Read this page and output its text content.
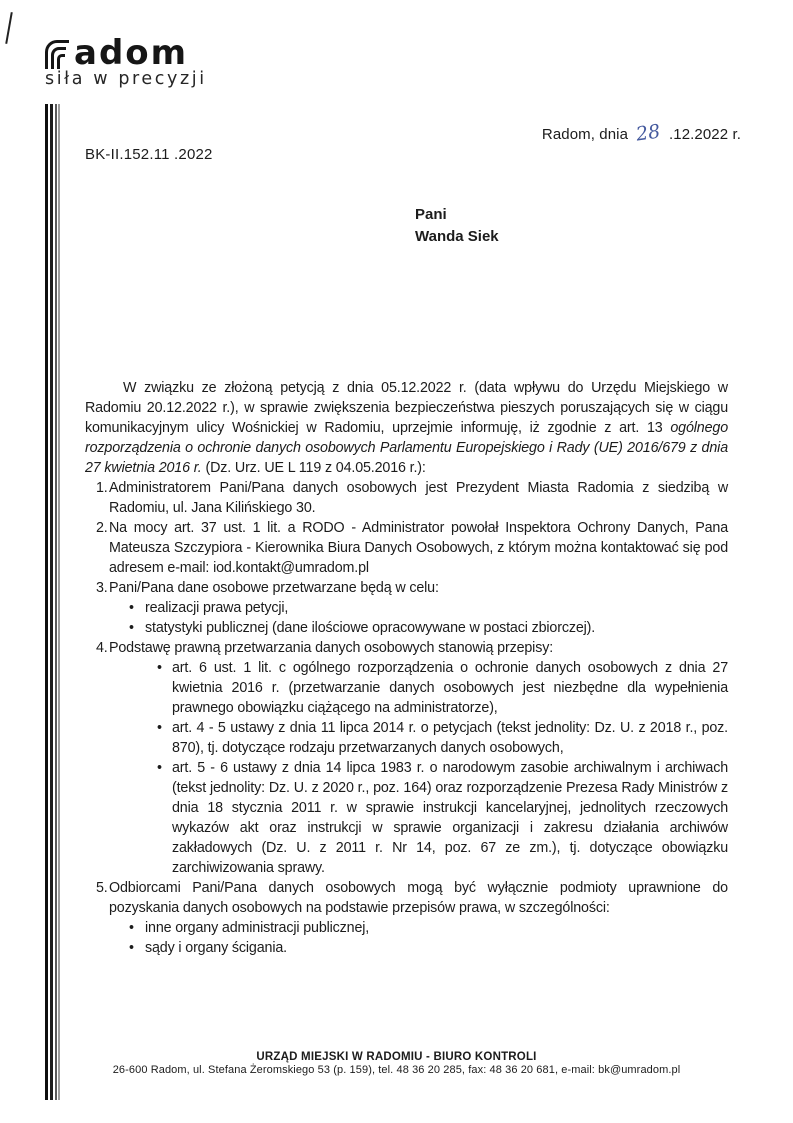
adom
siła w precyzji
Radom, dnia 28 .12.2022 r.
BK-II.152.11 .2022
Pani
Wanda Siek

W związku ze złożoną petycją z dnia 05.12.2022 r. (data wpływu do Urzędu Miejskiego w Radomiu 20.12.2022 r.), w sprawie zwiększenia bezpieczeństwa pieszych poruszających się w ciągu komunikacyjnym ulicy Wośnickiej w Radomiu, uprzejmie informuję, iż zgodnie z art. 13 ogólnego rozporządzenia o ochronie danych osobowych Parlamentu Europejskiego i Rady (UE) 2016/679 z dnia 27 kwietnia 2016 r. (Dz. Urz. UE L 119 z 04.05.2016 r.):

1. Administratorem Pani/Pana danych osobowych jest Prezydent Miasta Radomia z siedzibą w Radomiu, ul. Jana Kilińskiego 30.
2. Na mocy art. 37 ust. 1 lit. a RODO - Administrator powołał Inspektora Ochrony Danych, Pana Mateusza Szczypiora - Kierownika Biura Danych Osobowych, z którym można kontaktować się pod adresem e-mail: iod.kontakt@umradom.pl
3. Pani/Pana dane osobowe przetwarzane będą w celu:
• realizacji prawa petycji,
• statystyki publicznej (dane ilościowe opracowywane w postaci zbiorczej).
4. Podstawę prawną przetwarzania danych osobowych stanowią przepisy:
• art. 6 ust. 1 lit. c ogólnego rozporządzenia o ochronie danych osobowych z dnia 27 kwietnia 2016 r. (przetwarzanie danych osobowych jest niezbędne dla wypełnienia prawnego obowiązku ciążącego na administratorze),
• art. 4 - 5 ustawy z dnia 11 lipca 2014 r. o petycjach (tekst jednolity: Dz. U. z 2018 r., poz. 870), tj. dotyczące rodzaju przetwarzanych danych osobowych,
• art. 5 - 6 ustawy z dnia 14 lipca 1983 r. o narodowym zasobie archiwalnym i archiwach (tekst jednolity: Dz. U. z 2020 r., poz. 164) oraz rozporządzenie Prezesa Rady Ministrów z dnia 18 stycznia 2011 r. w sprawie instrukcji kancelaryjnej, jednolitych rzeczowych wykazów akt oraz instrukcji w sprawie organizacji i zakresu działania archiwów zakładowych (Dz. U. z 2011 r. Nr 14, poz. 67 ze zm.), tj. dotyczące obowiązku zarchiwizowania sprawy.
5. Odbiorcami Pani/Pana danych osobowych mogą być wyłącznie podmioty uprawnione do pozyskania danych osobowych na podstawie przepisów prawa, w szczególności:
• inne organy administracji publicznej,
• sądy i organy ścigania.
URZĄD MIEJSKI W RADOMIU - BIURO KONTROLI
26-600 Radom, ul. Stefana Żeromskiego 53 (p. 159), tel. 48 36 20 285, fax: 48 36 20 681, e-mail: bk@umradom.pl
